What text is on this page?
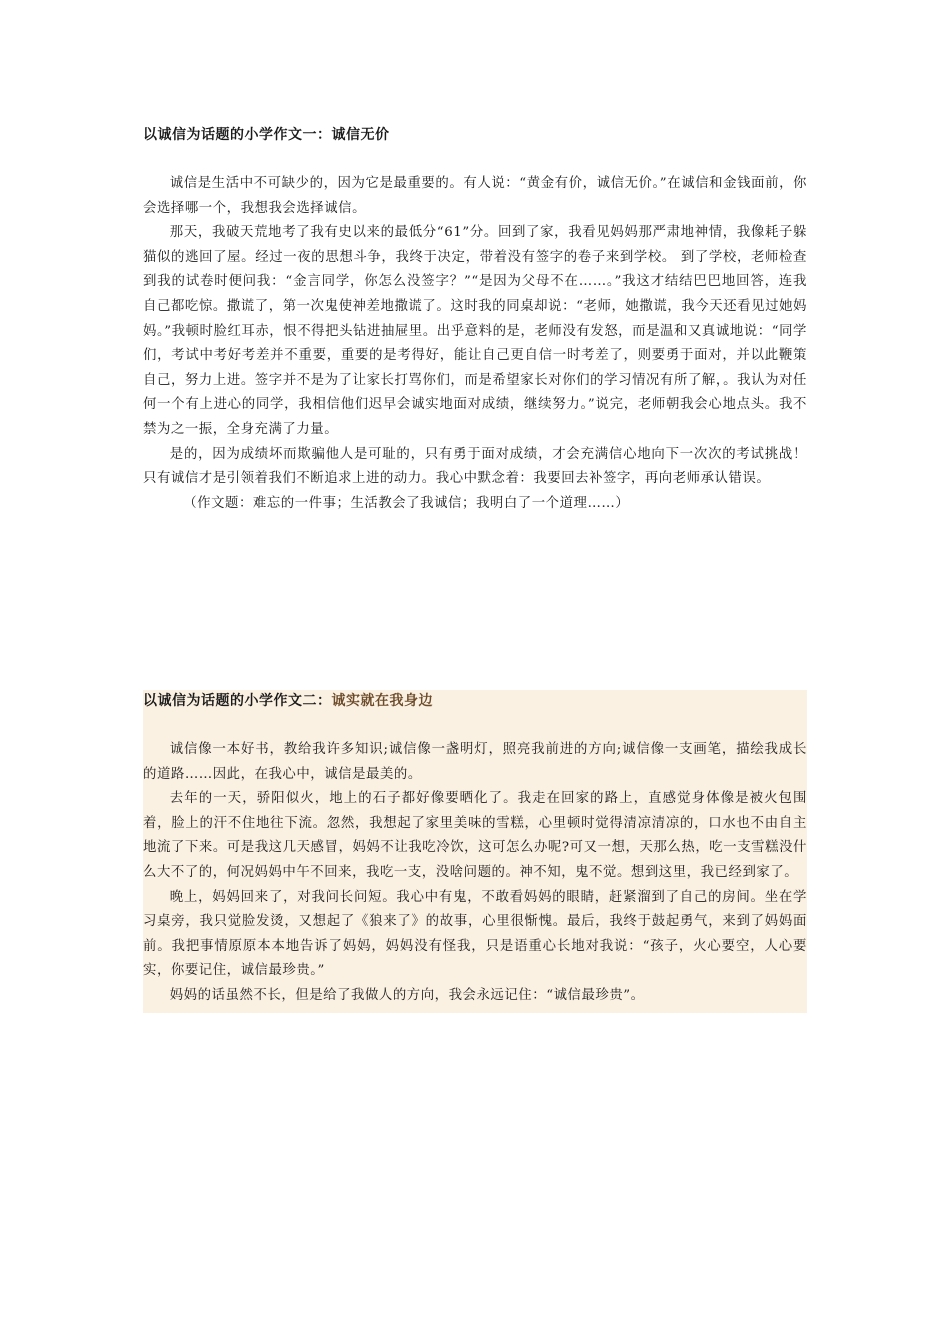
以诚信为话题的小学作文一：诚信无价

诚信是生活中不可缺少的，因为它是最重要的。有人说：“黄金有价，诚信无价。”在诚信和金钱面前，你会选择哪一个，我想我会选择诚信。

那天，我破天荒地考了我有史以来的最低分“61”分。回到了家，我看见妈妈那严肃地神情，我像耗子躲猫似的逃回了屋。经过一夜的思想斗争，我终于决定，带着没有签字的卷子来到学校。 到了学校，老师检查到我的试卷时便问我：“金言同学，你怎么没签字？”“是因为父母不在……。”我这才结结巴巴地回答，连我自己都吃惊。撒谎了，第一次鬼使神差地撒谎了。这时我的同桌却说：“老师，她撒谎，我今天还看见过她妈妈。”我顿时脸红耳赤，恨不得把头钻进抽屉里。出乎意料的是，老师没有发怒，而是温和又真诚地说：“同学们，考试中考好考差并不重要，重要的是考得好，能让自己更自信一时考差了，则要勇于面对，并以此鞭策自己，努力上进。签字并不是为了让家长打骂你们，而是希望家长对你们的学习情况有所了解，。我认为对任何一个有上进心的同学，我相信他们迟早会诚实地面对成绩，继续努力。”说完，老师朝我会心地点头。我不禁为之一振，全身充满了力量。

是的，因为成绩坏而欺骗他人是可耻的，只有勇于面对成绩，才会充满信心地向下一次次的考试挑战！只有诚信才是引领着我们不断追求上进的动力。我心中默念着：我要回去补签字，再向老师承认错误。

（作文题：难忘的一件事；生活教会了我诚信；我明白了一个道理……）

以诚信为话题的小学作文二：诚实就在我身边

诚信像一本好书，教给我许多知识;诚信像一盏明灯，照亮我前进的方向;诚信像一支画笔，描绘我成长的道路……因此，在我心中，诚信是最美的。

去年的一天，骄阳似火，地上的石子都好像要晒化了。我走在回家的路上，直感觉身体像是被火包围着，脸上的汗不住地往下流。忽然，我想起了家里美味的雪糕，心里顿时觉得清凉清凉的，口水也不由自主地流了下来。可是我这几天感冒，妈妈不让我吃冷饮，这可怎么办呢?可又一想，天那么热，吃一支雪糕没什么大不了的，何况妈妈中午不回来，我吃一支，没啥问题的。神不知，鬼不觉。想到这里，我已经到家了。

晚上，妈妈回来了，对我问长问短。我心中有鬼，不敢看妈妈的眼睛，赶紧溜到了自己的房间。坐在学习桌旁，我只觉脸发烫，又想起了《狼来了》的故事，心里很惭愧。最后，我终于鼓起勇气，来到了妈妈面前。我把事情原原本本地告诉了妈妈，妈妈没有怪我，只是语重心长地对我说：“孩子，火心要空，人心要实，你要记住，诚信最珍贵。”

妈妈的话虽然不长，但是给了我做人的方向，我会永远记住：“诚信最珍贵”。
